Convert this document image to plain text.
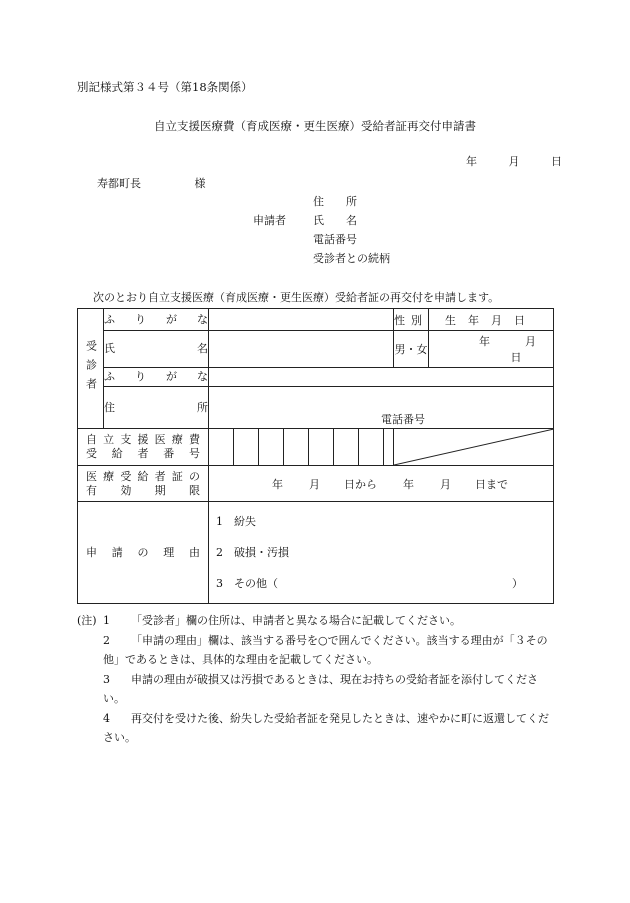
別記様式第３４号（第18条関係）
自立支援医療費（育成医療・更生医療）受給者証再交付申請書
年	月	日
寿都町長	様
申請者
住　　所
氏　　名
電話番号
受診者との続柄
次のとおり自立支援医療（育成医療・更生医療）受給者証の再交付を申請します。
受診者	ふりがな									性別	生年月日
	氏名									男・女	年 月  日
	ふりがな										
	住所	電話番号									

自立支援医療費
受給者番号

医療受給者証の
有効期限		年 月 日から 年 月 日まで									
申請の理由		1　紛失
2　破損・汚損
3　その他（ ）									
(注) 1	「受診者」欄の住所は、申請者と異なる場合に記載してください。
2 「申請の理由」欄は、該当する番号を○で囲んでください。該当する理由が「３その他」であるときは、具体的な理由を記載してください。
3 申請の理由が破損又は汚損であるときは、現在お持ちの受給者証を添付してください。
4 再交付を受けた後、紛失した受給者証を発見したときは、速やかに町に返還してください。
